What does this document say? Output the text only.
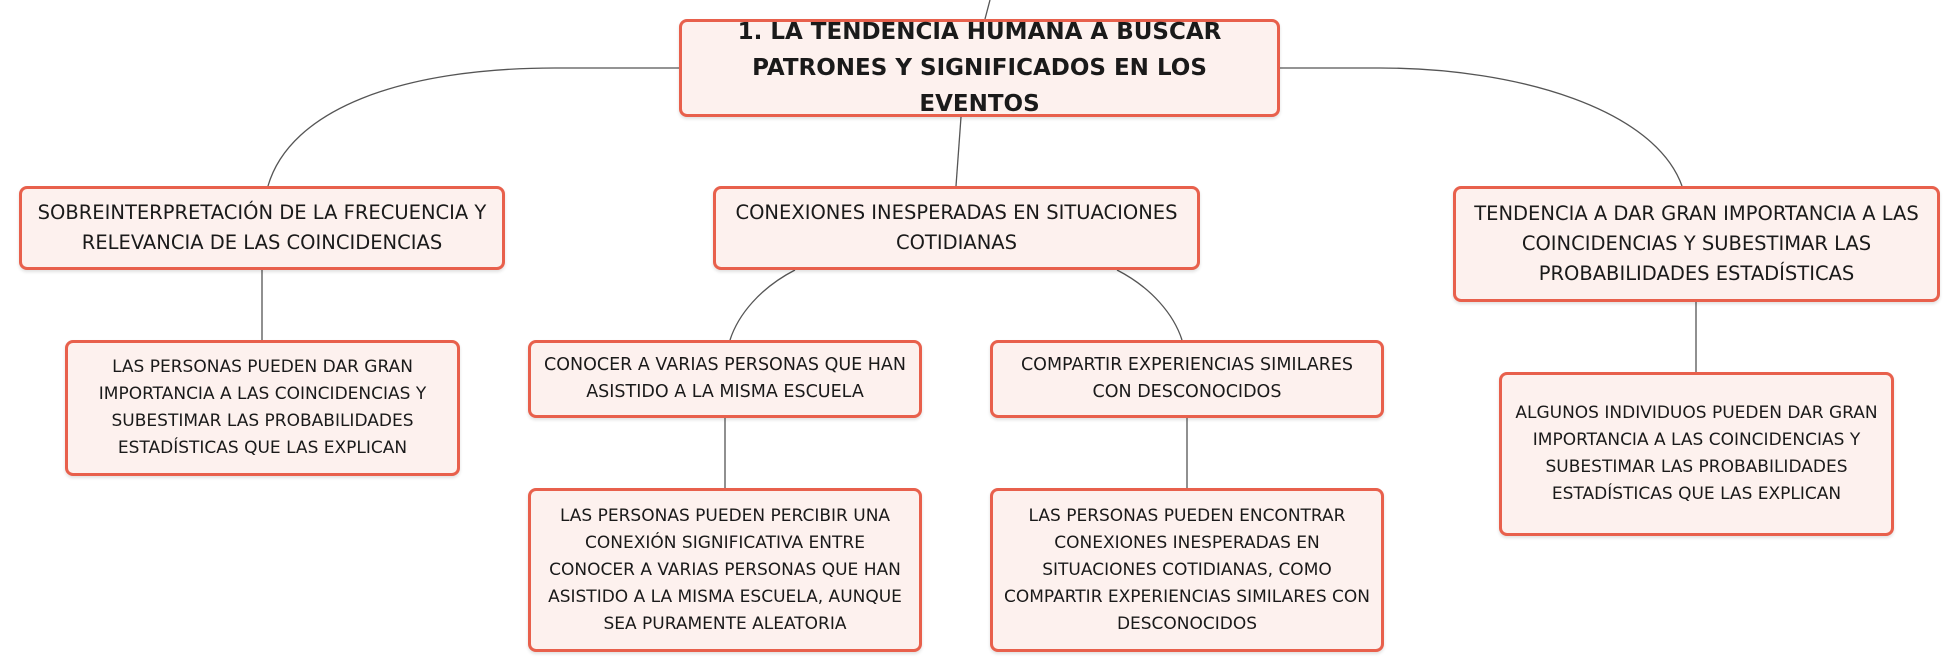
1. LA TENDENCIA HUMANA A BUSCAR PATRONES Y SIGNIFICADOS EN LOS EVENTOS
SOBREINTERPRETACIÓN DE LA FRECUENCIA Y RELEVANCIA DE LAS COINCIDENCIAS
CONEXIONES INESPERADAS EN SITUACIONES COTIDIANAS
TENDENCIA A DAR GRAN IMPORTANCIA A LAS COINCIDENCIAS Y SUBESTIMAR LAS PROBABILIDADES ESTADÍSTICAS
LAS PERSONAS PUEDEN DAR GRAN IMPORTANCIA A LAS COINCIDENCIAS Y SUBESTIMAR LAS PROBABILIDADES ESTADÍSTICAS QUE LAS EXPLICAN
CONOCER A VARIAS PERSONAS QUE HAN ASISTIDO A LA MISMA ESCUELA
COMPARTIR EXPERIENCIAS SIMILARES CON DESCONOCIDOS
LAS PERSONAS PUEDEN PERCIBIR UNA CONEXIÓN SIGNIFICATIVA ENTRE CONOCER A VARIAS PERSONAS QUE HAN ASISTIDO A LA MISMA ESCUELA, AUNQUE SEA PURAMENTE ALEATORIA
LAS PERSONAS PUEDEN ENCONTRAR CONEXIONES INESPERADAS EN SITUACIONES COTIDIANAS, COMO COMPARTIR EXPERIENCIAS SIMILARES CON DESCONOCIDOS
ALGUNOS INDIVIDUOS PUEDEN DAR GRAN IMPORTANCIA A LAS COINCIDENCIAS Y SUBESTIMAR LAS PROBABILIDADES ESTADÍSTICAS QUE LAS EXPLICAN
